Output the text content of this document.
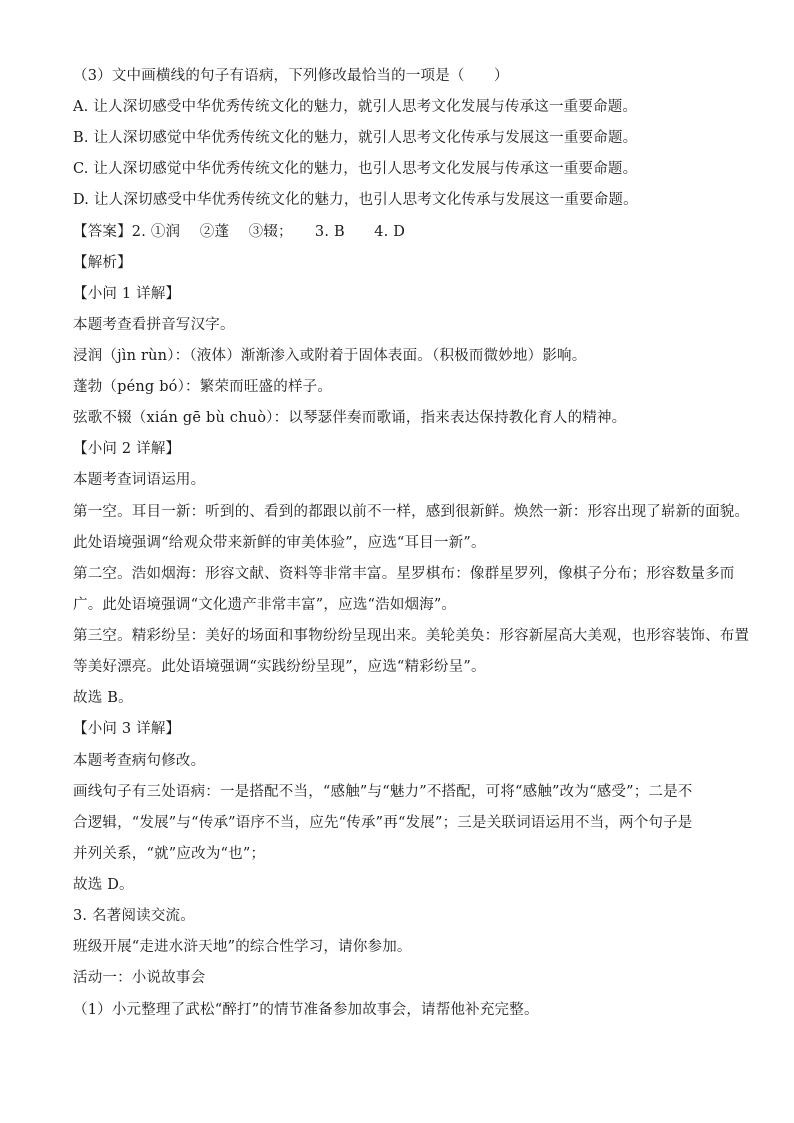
（3）文中画横线的句子有语病，下列修改最恰当的一项是（　　）
A. 让人深切感受中华优秀传统文化的魅力，就引人思考文化发展与传承这一重要命题。
B. 让人深切感觉中华优秀传统文化的魅力，就引人思考文化传承与发展这一重要命题。
C. 让人深切感觉中华优秀传统文化的魅力，也引人思考文化发展与传承这一重要命题。
D. 让人深切感受中华优秀传统文化的魅力，也引人思考文化传承与发展这一重要命题。
【答案】2. ①润　 ②蓬　 ③辍；　　3. B　　4. D
【解析】
【小问 1 详解】
本题考查看拼音写汉字。
浸润（jìn rùn）：（液体）渐渐渗入或附着于固体表面。（积极而微妙地）影响。
蓬勃（péng bó）：繁荣而旺盛的样子。
弦歌不辍（xián gē bù chuò）：以琴瑟伴奏而歌诵，指来表达保持教化育人的精神。
【小问 2 详解】
本题考查词语运用。
第一空。耳目一新：听到的、看到的都跟以前不一样，感到很新鲜。焕然一新：形容出现了崭新的面貌。
此处语境强调“给观众带来新鲜的审美体验”，应选“耳目一新”。
第二空。浩如烟海：形容文献、资料等非常丰富。星罗棋布：像群星罗列，像棋子分布；形容数量多而
广。此处语境强调“文化遗产非常丰富”，应选“浩如烟海”。
第三空。精彩纷呈：美好的场面和事物纷纷呈现出来。美轮美奂：形容新屋高大美观，也形容装饰、布置
等美好漂亮。此处语境强调“实践纷纷呈现”，应选“精彩纷呈”。
故选 B。
【小问 3 详解】
本题考查病句修改。
画线句子有三处语病：一是搭配不当，“感触”与“魅力”不搭配，可将“感触”改为“感受”；二是不
合逻辑，“发展”与“传承”语序不当，应先“传承”再“发展”；三是关联词语运用不当，两个句子是
并列关系，“就”应改为“也”；
故选 D。
3. 名著阅读交流。
班级开展“走进水浒天地”的综合性学习，请你参加。
活动一：小说故事会
（1）小元整理了武松“醉打”的情节准备参加故事会，请帮他补充完整。
